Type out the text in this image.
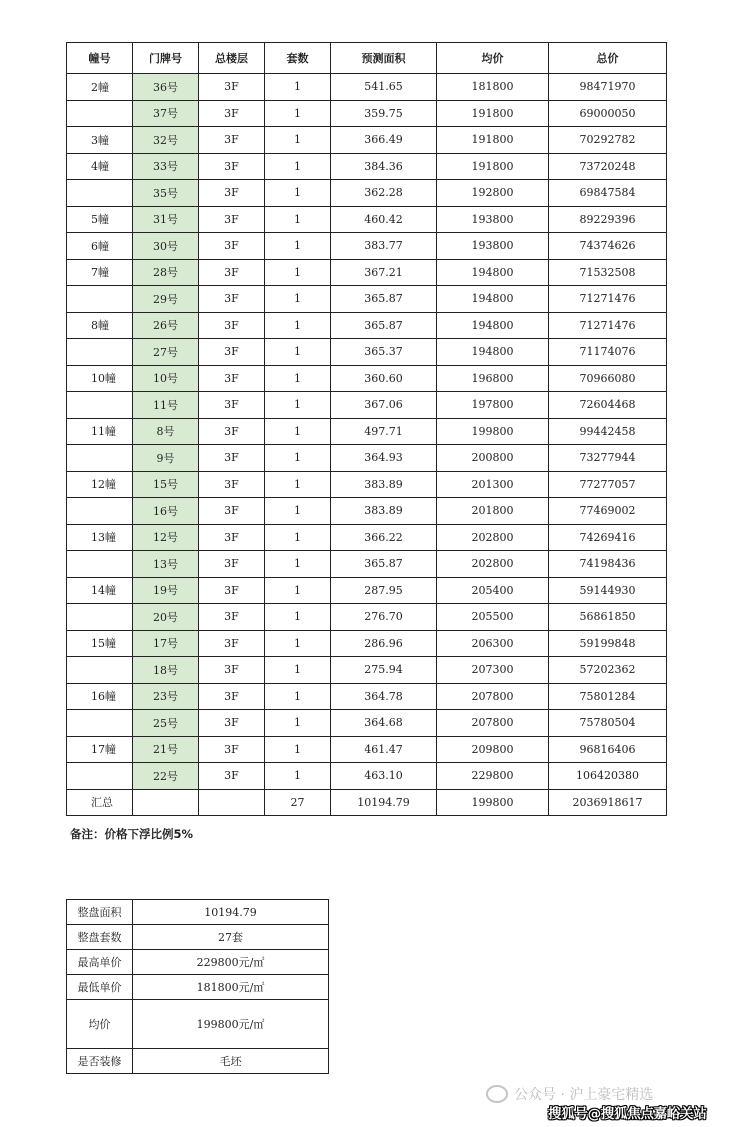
幢号	门牌号	总楼层	套数	预测面积	均价	总价
2幢	36号	3F	1	541.65	181800	98471970
	37号	3F	1	359.75	191800	69000050
3幢	32号	3F	1	366.49	191800	70292782
4幢	33号	3F	1	384.36	191800	73720248
	35号	3F	1	362.28	192800	69847584
5幢	31号	3F	1	460.42	193800	89229396
6幢	30号	3F	1	383.77	193800	74374626
7幢	28号	3F	1	367.21	194800	71532508
	29号	3F	1	365.87	194800	71271476
8幢	26号	3F	1	365.87	194800	71271476
	27号	3F	1	365.37	194800	71174076
10幢	10号	3F	1	360.60	196800	70966080
	11号	3F	1	367.06	197800	72604468
11幢	8号	3F	1	497.71	199800	99442458
	9号	3F	1	364.93	200800	73277944
12幢	15号	3F	1	383.89	201300	77277057
	16号	3F	1	383.89	201800	77469002
13幢	12号	3F	1	366.22	202800	74269416
	13号	3F	1	365.87	202800	74198436
14幢	19号	3F	1	287.95	205400	59144930
	20号	3F	1	276.70	205500	56861850
15幢	17号	3F	1	286.96	206300	59199848
	18号	3F	1	275.94	207300	57202362
16幢	23号	3F	1	364.78	207800	75801284
	25号	3F	1	364.68	207800	75780504
17幢	21号	3F	1	461.47	209800	96816406
	22号	3F	1	463.10	229800	106420380
汇总			27	10194.79	199800	2036918617
备注：价格下浮比例5%
整盘面积	10194.79
整盘套数	27套
最高单价	229800元/㎡
最低单价	181800元/㎡
均价	199800元/㎡
是否装修	毛坯
公众号 · 沪上豪宅精选
搜狐号@搜狐焦点嘉峪关站
